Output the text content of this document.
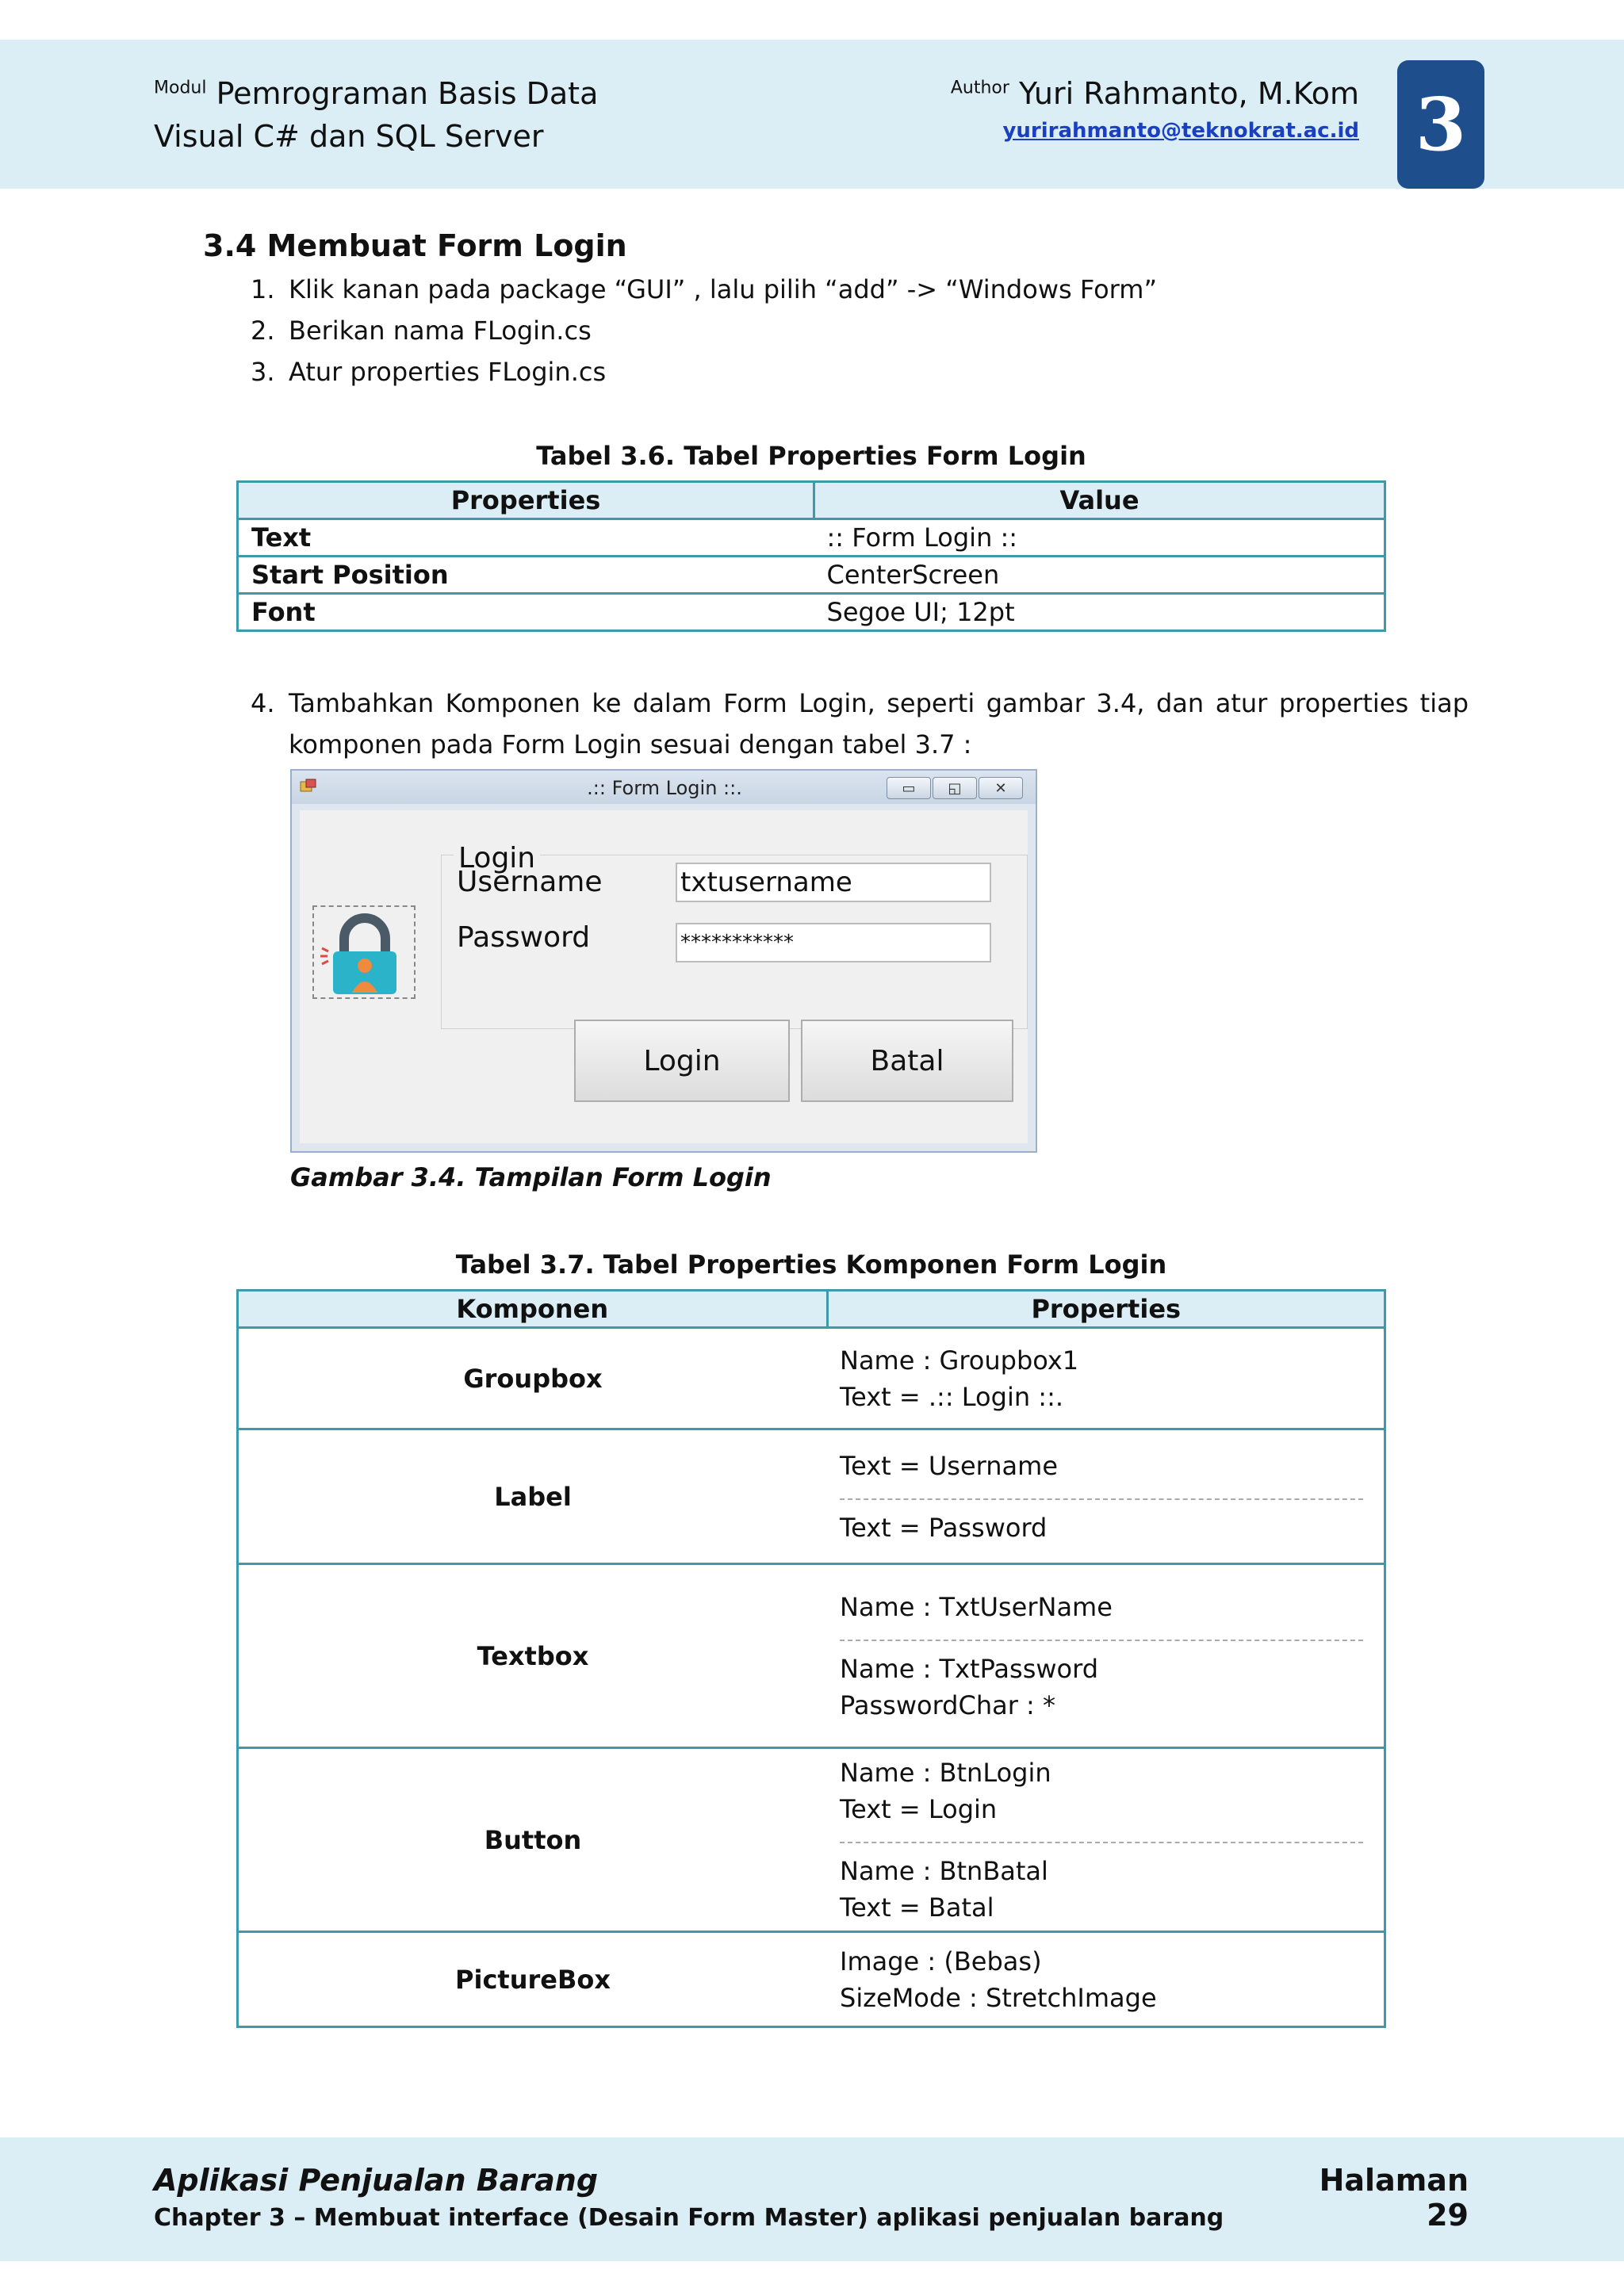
$^{Modul}$ Pemrograman Basis Data
Visual C# dan SQL Server
$^{Author}$ Yuri Rahmanto, M.Kom
yurirahmanto@teknokrat.ac.id 3
3.4 Membuat Form Login
1. Klik kanan pada package “GUI” , lalu pilih “add” -> “Windows Form”
2. Berikan nama FLogin.cs
3. Atur properties FLogin.cs
Tabel 3.6. Tabel Properties Form Login
Properties	Value
Text	:: Form Login ::
Start Position	CenterScreen
Font	Segoe UI; 12pt
4. Tambahkan Komponen ke dalam Form Login, seperti gambar 3.4, dan atur properties tiap
komponen pada Form Login sesuai dengan tabel 3.7 :
.:: Form Login ::.	▭	◱	✕
Login
Username
Password
txtusername
***********
Login	Batal
Gambar 3.4. Tampilan Form Login
Tabel 3.7. Tabel Properties Komponen Form Login
Komponen	Properties
Groupbox	Name : Groupbox1
Text = .:: Login ::.

Label	Text = Username
Text = Password

Textbox	Name : TxtUserName
Name : TxtPassword
PasswordChar : *

Button	Name : BtnLogin
Text = Login
Name : BtnBatal
Text = Batal

PictureBox	Image : (Bebas)
SizeMode : StretchImage
Aplikasi Penjualan Barang
Chapter 3 – Membuat interface (Desain Form Master) aplikasi penjualan barang
Halaman 29
